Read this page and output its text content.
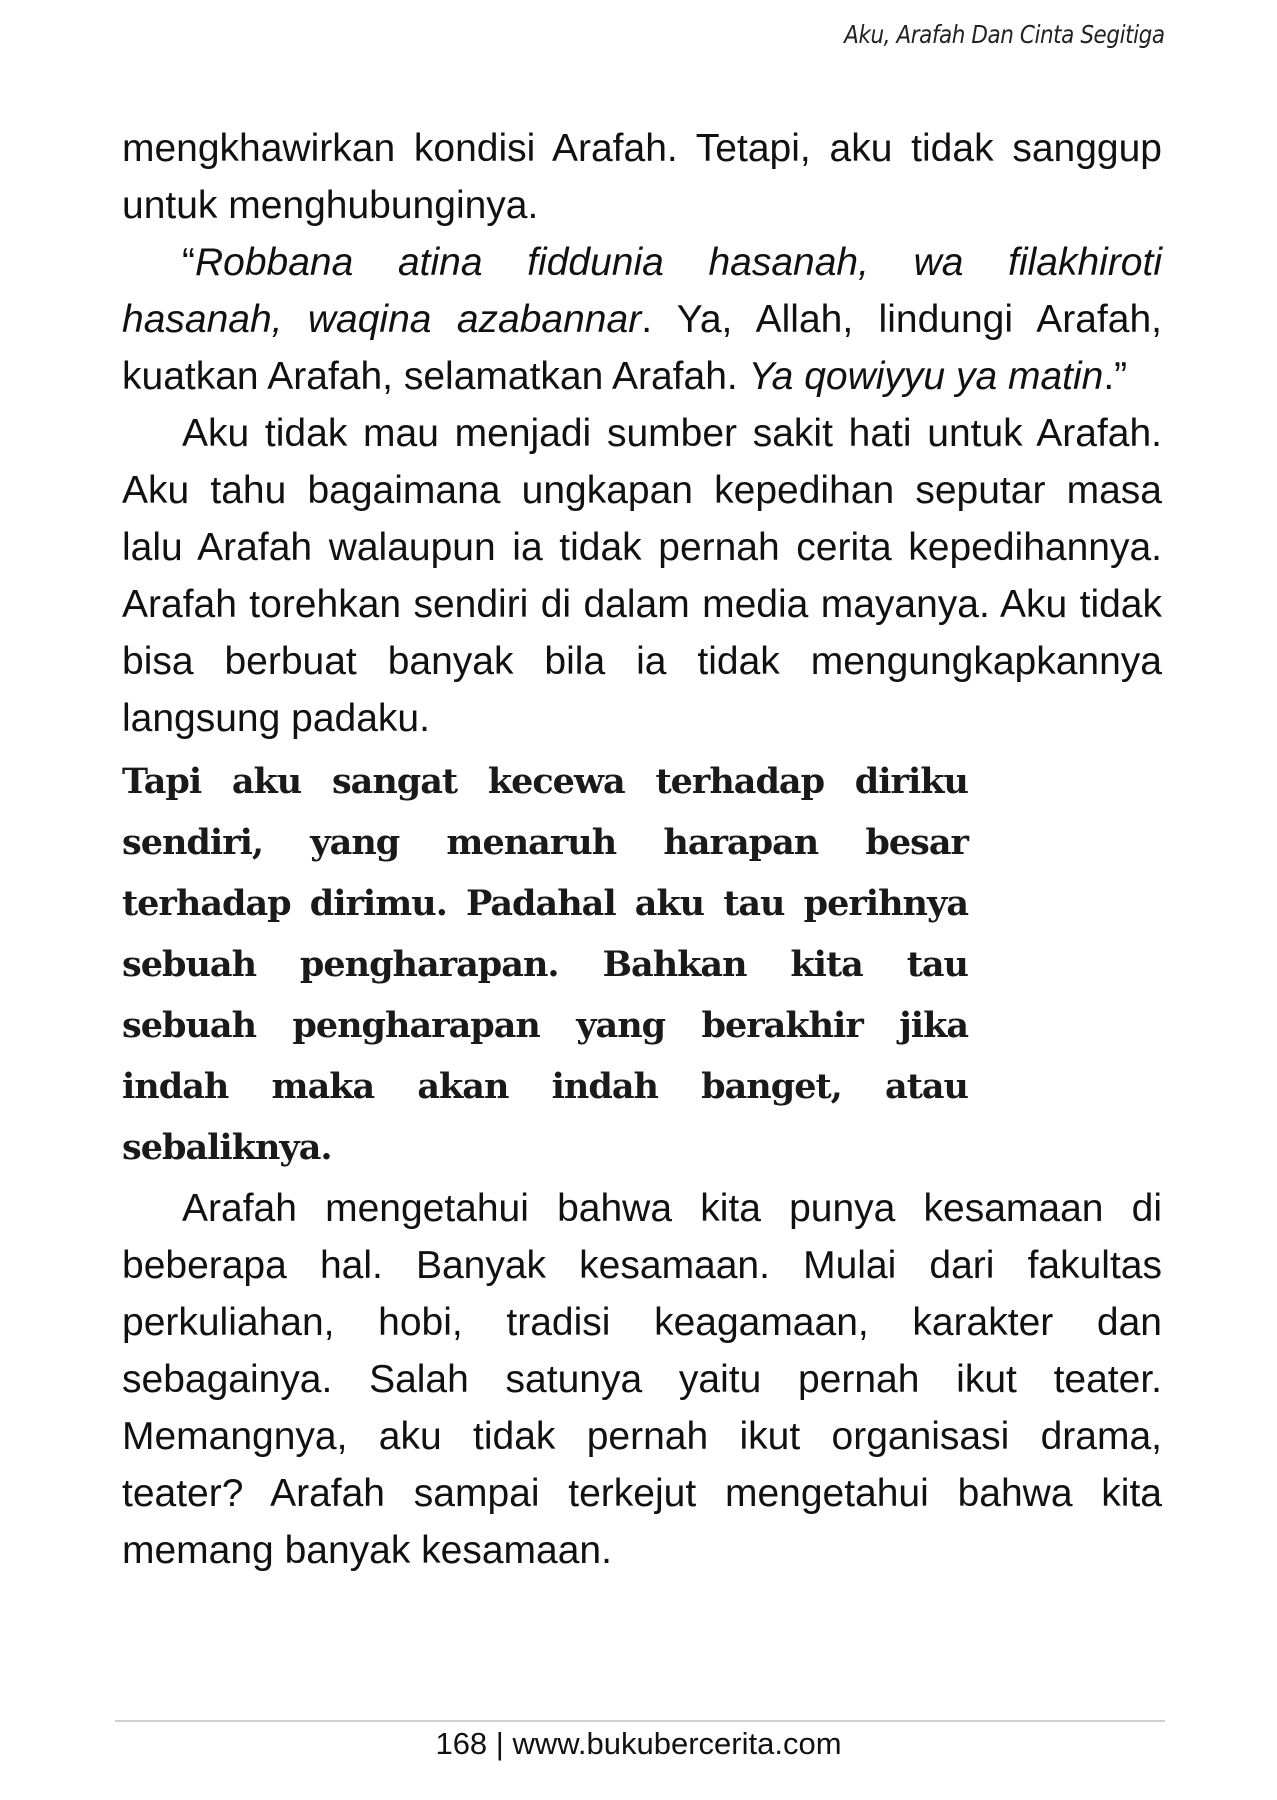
Aku, Arafah Dan Cinta Segitiga

mengkhawirkan kondisi Arafah. Tetapi, aku tidak sanggup untuk menghubunginya.

“Robbana atina fiddunia hasanah, wa filakhiroti hasanah, waqina azabannar. Ya, Allah, lindungi Arafah, kuatkan Arafah, selamatkan Arafah. Ya qowiyyu ya matin.”

Aku tidak mau menjadi sumber sakit hati untuk Arafah. Aku tahu bagaimana ungkapan kepedihan seputar masa lalu Arafah walaupun ia tidak pernah cerita kepedihannya. Arafah torehkan sendiri di dalam media mayanya. Aku tidak bisa berbuat banyak bila ia tidak mengungkapkannya langsung padaku.

Tapi aku sangat kecewa terhadap diriku sendiri, yang menaruh harapan besar terhadap dirimu. Padahal aku tau perihnya sebuah pengharapan. Bahkan kita tau sebuah pengharapan yang berakhir jika indah maka akan indah banget, atau sebaliknya.

Arafah mengetahui bahwa kita punya kesamaan di beberapa hal. Banyak kesamaan. Mulai dari fakultas perkuliahan, hobi, tradisi keagamaan, karakter dan sebagainya. Salah satunya yaitu pernah ikut teater. Memangnya, aku tidak pernah ikut organisasi drama, teater? Arafah sampai terkejut mengetahui bahwa kita memang banyak kesamaan.

168 | www.bukubercerita.com
